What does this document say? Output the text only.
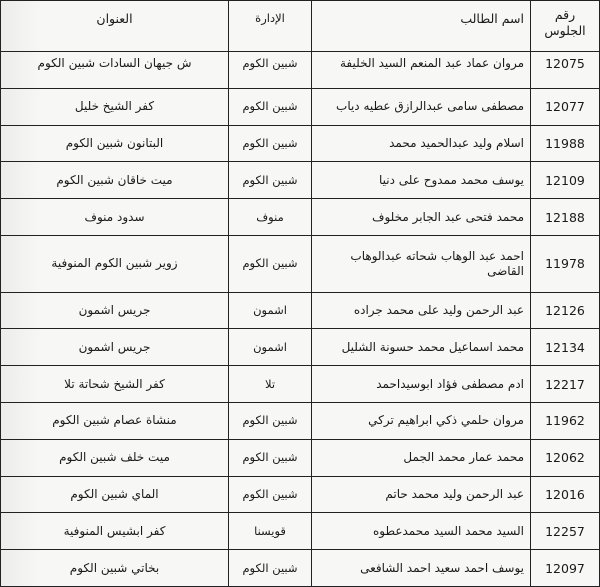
رقم الجلوس	اسم الطالب	الإدارة	العنوان
12075	مروان عماد عبد المنعم السيد الخليفة	شبين الكوم	ش جيهان السادات شبين الكوم
12077	مصطفى سامى عبدالرازق عطيه دياب	شبين الكوم	كفر الشيخ خليل
11988	اسلام وليد عبدالحميد محمد	شبين الكوم	البتانون شبين الكوم
12109	يوسف محمد ممدوح على دنيا	شبين الكوم	ميت خاقان شبين الكوم
12188	محمد فتحى عبد الجابر مخلوف	منوف	سدود منوف
11978	احمد عبد الوهاب شحاته عبدالوهاب القاضى	شبين الكوم	زوير شبين الكوم المنوفية
12126	عبد الرحمن وليد على محمد جراده	اشمون	جريس اشمون
12134	محمد اسماعيل محمد حسونة الشليل	اشمون	جريس اشمون
12217	ادم مصطفى فؤاد ابوسيداحمد	تلا	كفر الشيخ شحاتة تلا
11962	مروان حلمي ذكي ابراهيم تركي	شبين الكوم	منشاة عصام شبين الكوم
12062	محمد عمار محمد الجمل	شبين الكوم	ميت خلف شبين الكوم
12016	عبد الرحمن وليد محمد حاتم	شبين الكوم	الماي شبين الكوم
12257	السيد محمد السيد محمدعطوه	قويسنا	كفر ابشيس المنوفية
12097	يوسف احمد سعيد احمد الشافعى	شبين الكوم	بخاتي شبين الكوم
